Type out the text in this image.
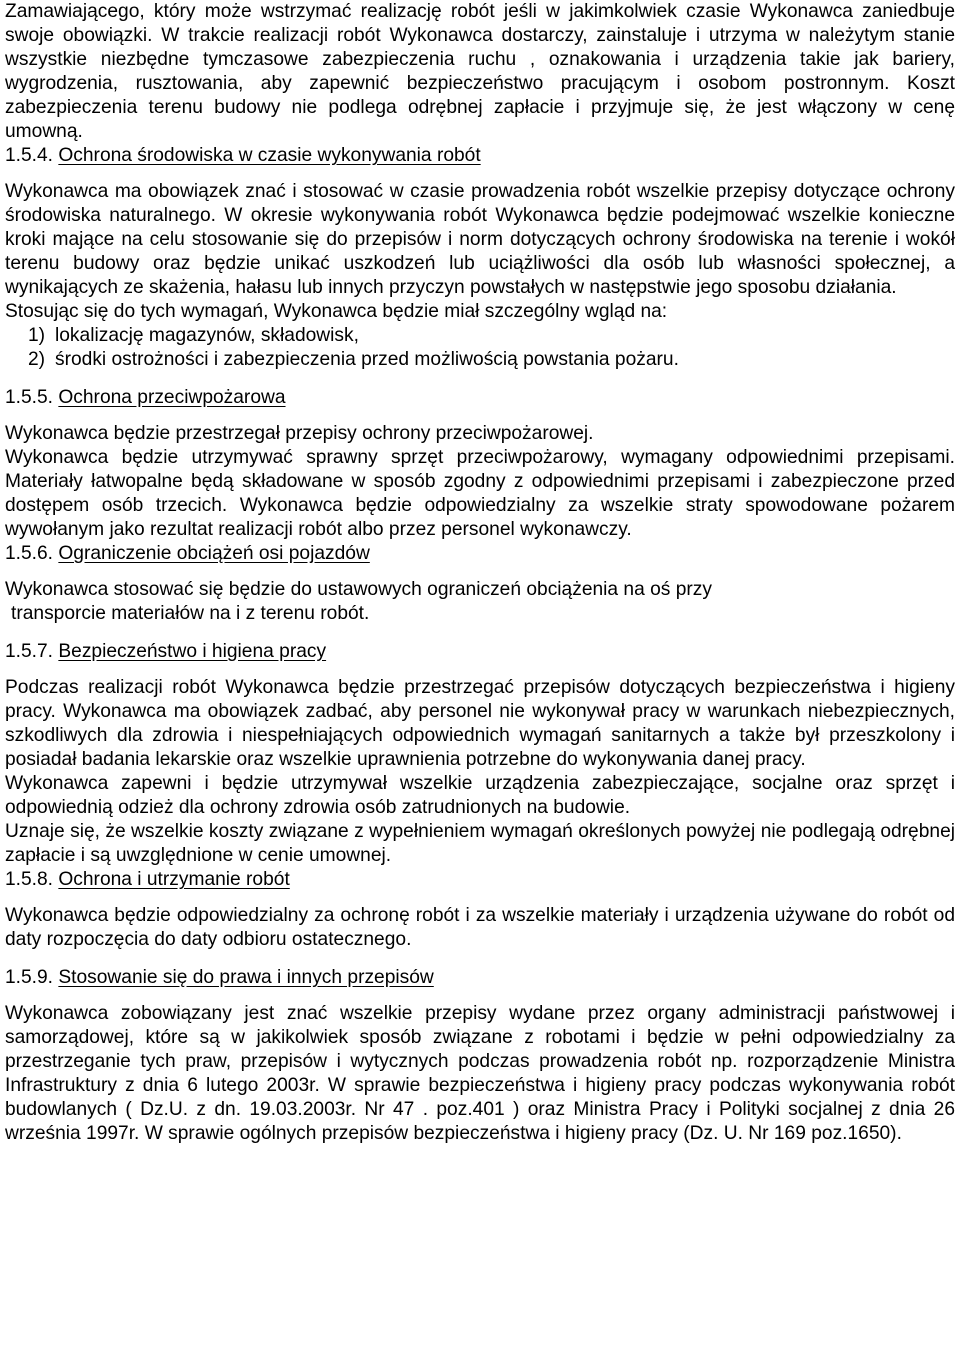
Zamawiającego, który może wstrzymać realizację robót jeśli w jakimkolwiek czasie Wykonawca zaniedbuje swoje obowiązki. W trakcie realizacji robót Wykonawca dostarczy, zainstaluje i utrzyma w należytym stanie wszystkie niezbędne tymczasowe zabezpieczenia ruchu , oznakowania i urządzenia takie jak bariery, wygrodzenia, rusztowania, aby zapewnić bezpieczeństwo pracującym i osobom postronnym. Koszt zabezpieczenia terenu budowy nie podlega odrębnej zapłacie i przyjmuje się, że jest włączony w cenę umowną.

1.5.4. Ochrona środowiska w czasie wykonywania robót

Wykonawca ma obowiązek znać i stosować w czasie prowadzenia robót wszelkie przepisy dotyczące ochrony środowiska naturalnego. W okresie wykonywania robót Wykonawca będzie podejmować wszelkie konieczne kroki mające na celu stosowanie się do przepisów i norm dotyczących ochrony środowiska na terenie i wokół terenu budowy oraz będzie unikać uszkodzeń lub uciążliwości dla osób lub własności społecznej, a wynikających ze skażenia, hałasu lub innych przyczyn powstałych w następstwie jego sposobu działania.

Stosując się do tych wymagań, Wykonawca będzie miał szczególny wgląd na:

1) lokalizację magazynów, składowisk,
2) środki ostrożności i zabezpieczenia przed możliwością powstania pożaru.

1.5.5. Ochrona przeciwpożarowa

Wykonawca będzie przestrzegał przepisy ochrony przeciwpożarowej.

Wykonawca będzie utrzymywać sprawny sprzęt przeciwpożarowy, wymagany odpowiednimi przepisami. Materiały łatwopalne będą składowane w sposób zgodny z odpowiednimi przepisami i zabezpieczone przed dostępem osób trzecich. Wykonawca będzie odpowiedzialny za wszelkie straty spowodowane pożarem wywołanym jako rezultat realizacji robót albo przez personel wykonawczy.

1.5.6. Ograniczenie obciążeń osi pojazdów

Wykonawca stosować się będzie do ustawowych ograniczeń obciążenia na oś przy

transporcie materiałów na i z terenu robót.

1.5.7. Bezpieczeństwo i higiena pracy

Podczas realizacji robót Wykonawca będzie przestrzegać przepisów dotyczących bezpieczeństwa i higieny pracy. Wykonawca ma obowiązek zadbać, aby personel nie wykonywał pracy w warunkach niebezpiecznych, szkodliwych dla zdrowia i niespełniających odpowiednich wymagań sanitarnych a także był przeszkolony i posiadał badania lekarskie oraz wszelkie uprawnienia potrzebne do wykonywania danej pracy.

Wykonawca zapewni i będzie utrzymywał wszelkie urządzenia zabezpieczające, socjalne oraz sprzęt i odpowiednią odzież dla ochrony zdrowia osób zatrudnionych na budowie.

Uznaje się, że wszelkie koszty związane z wypełnieniem wymagań określonych powyżej nie podlegają odrębnej zapłacie i są uwzględnione w cenie umownej.

1.5.8. Ochrona i utrzymanie robót

Wykonawca będzie odpowiedzialny za ochronę robót i za wszelkie materiały i urządzenia używane do robót od daty rozpoczęcia do daty odbioru ostatecznego.

1.5.9. Stosowanie się do prawa i innych przepisów

Wykonawca zobowiązany jest znać wszelkie przepisy wydane przez organy administracji państwowej i samorządowej, które są w jakikolwiek sposób związane z robotami i będzie w pełni odpowiedzialny za przestrzeganie tych praw, przepisów i wytycznych podczas prowadzenia robót np. rozporządzenie Ministra Infrastruktury z dnia 6 lutego 2003r. W sprawie bezpieczeństwa i higieny pracy podczas wykonywania robót budowlanych ( Dz.U. z dn. 19.03.2003r. Nr 47 . poz.401 ) oraz Ministra Pracy i Polityki socjalnej z dnia 26 września 1997r. W sprawie ogólnych przepisów bezpieczeństwa i higieny pracy (Dz. U. Nr 169 poz.1650).
